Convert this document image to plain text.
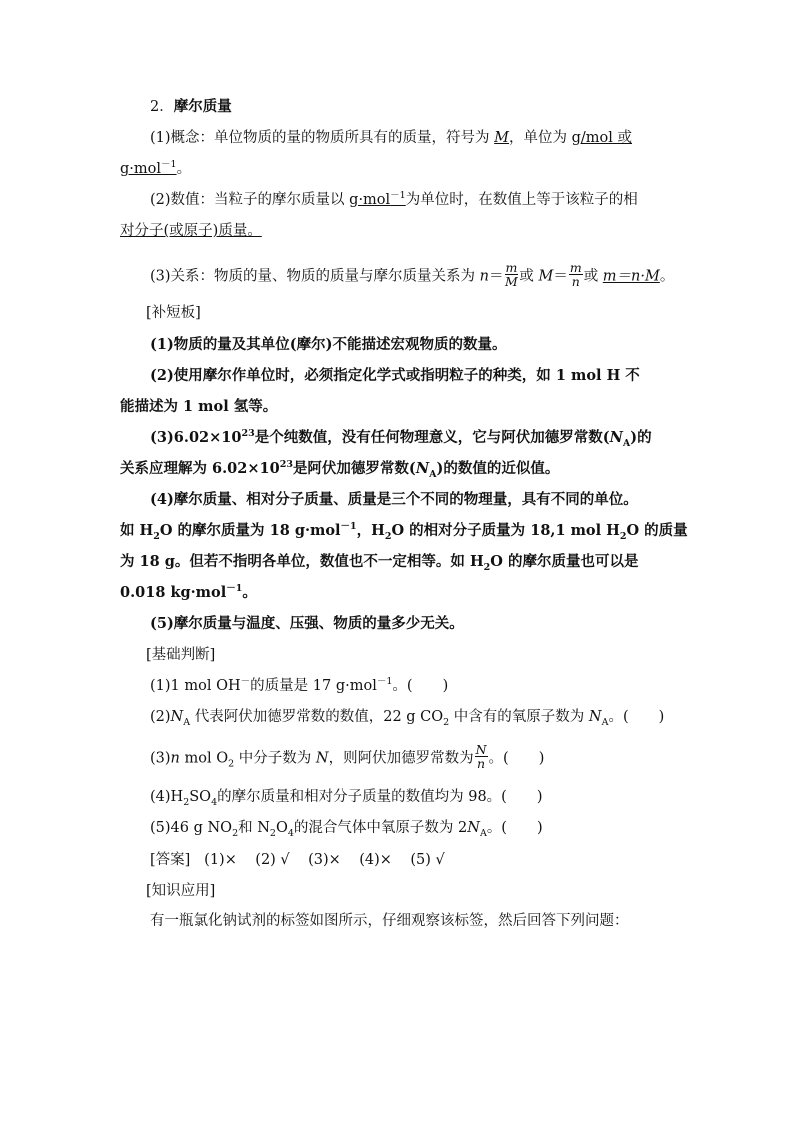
2．摩尔质量
(1)概念：单位物质的量的物质所具有的质量，符号为 M，单位为 g/mol 或
g·mol$^{-1}$。
(2)数值：当粒子的摩尔质量以 g·mol$^{-1}$为单位时，在数值上等于该粒子的相
对分子(或原子)质量。
(3)关系：物质的量、物质的质量与摩尔质量关系为 $n= \frac{m}{M}$ 或 $M= \frac{m}{n}$ 或 m＝n·M。
[补短板]
(1)物质的量及其单位(摩尔)不能描述宏观物质的数量。
(2)使用摩尔作单位时，必须指定化学式或指明粒子的种类，如 1 mol H 不
能描述为 1 mol 氢等。
$(3)6.02\times 10^{23}$是个纯数值，没有任何物理意义，它与阿伏加德罗常数$(N_A)$的
关系应理解为 $6.02\times 10^{23}$是阿伏加德罗常数$(N_A)$的数值的近似值。
(4)摩尔质量、相对分子质量、质量是三个不同的物理量，具有不同的单位。
如 $H_2O$ 的摩尔质量为 18 g·mol$^{-1}$，$H_2O$ 的相对分子质量为 18,1 mol $H_2O$ 的质量
为 18 g。但若不指明各单位，数值也不一定相等。如 $H_2O$ 的摩尔质量也可以是
0.018 kg·mol$^{-1}$。
(5)摩尔质量与温度、压强、物质的量多少无关。
[基础判断]
(1)1 mol OH－的质量是 17 g·mol$^{-1}$。( )
$(2)N_A$ 代表阿伏加德罗常数的数值，22 g $CO_2$ 中含有的氧原子数为 $N_A$。( )
(3)n mol $O_2$ 中分子数为 N，则阿伏加德罗常数为 $\frac{N}{n}$ 。( )
$(4)H_2SO_4$的摩尔质量和相对分子质量的数值均为 98。( )
(5)46 g $NO_2$和 $N_2O_4$的混合气体中氧原子数为 $2N_A$。( )
[答案] (1)×    (2) √    (3)×    (4)×    (5) √
[知识应用]
有一瓶氯化钠试剂的标签如图所示，仔细观察该标签，然后回答下列问题：
